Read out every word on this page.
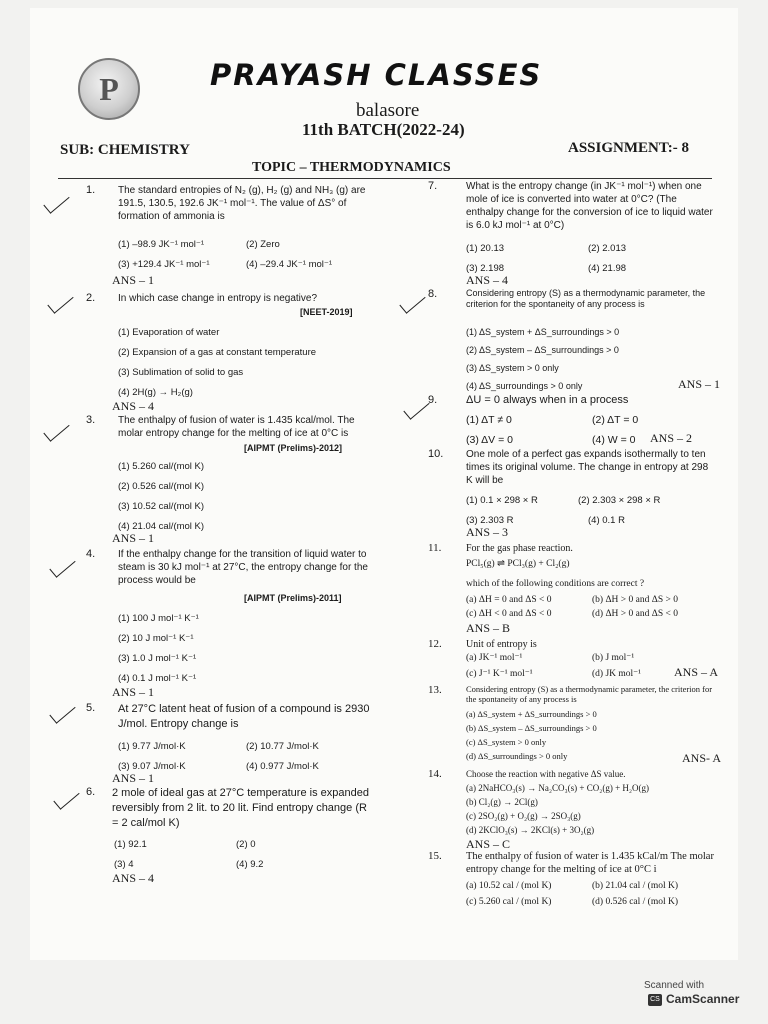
P	PRAYASH CLASSES
balasore
11th BATCH(2022-24)
SUB: CHEMISTRY	ASSIGNMENT:- 8
TOPIC – THERMODYNAMICS
1.	The standard entropies of N₂ (g), H₂ (g) and NH₃ (g) are 191.5, 130.5, 192.6 JK⁻¹ mol⁻¹. The value of ΔS° of formation of ammonia is
(1) –98.9 JK⁻¹ mol⁻¹	(2) Zero
(3) +129.4 JK⁻¹ mol⁻¹	(4) –29.4 JK⁻¹ mol⁻¹
ANS – 1
2.	In which case change in entropy is negative?
[NEET-2019]
(1) Evaporation of water
(2) Expansion of a gas at constant temperature
(3) Sublimation of solid to gas
(4) 2H(g) → H₂(g)
ANS – 4
3.	The enthalpy of fusion of water is 1.435 kcal/mol. The molar entropy change for the melting of ice at 0°C is
[AIPMT (Prelims)-2012]
(1) 5.260 cal/(mol K)
(2) 0.526 cal/(mol K)
(3) 10.52 cal/(mol K)
(4) 21.04 cal/(mol K)
ANS – 1
4.	If the enthalpy change for the transition of liquid water to steam is 30 kJ mol⁻¹ at 27°C, the entropy change for the process would be
[AIPMT (Prelims)-2011]
(1) 100 J mol⁻¹ K⁻¹
(2) 10 J mol⁻¹ K⁻¹
(3) 1.0 J mol⁻¹ K⁻¹
(4) 0.1 J mol⁻¹ K⁻¹
ANS – 1
5.	At 27°C latent heat of fusion of a compound is 2930 J/mol. Entropy change is
(1) 9.77 J/mol·K	(2) 10.77 J/mol·K
(3) 9.07 J/mol·K	(4) 0.977 J/mol·K
ANS – 1
6.	2 mole of ideal gas at 27°C temperature is expanded reversibly from 2 lit. to 20 lit. Find entropy change (R = 2 cal/mol K)
(1) 92.1	(2) 0
(3) 4	(4) 9.2
ANS – 4
7.	What is the entropy change (in JK⁻¹ mol⁻¹) when one mole of ice is converted into water at 0°C? (The enthalpy change for the conversion of ice to liquid water is 6.0 kJ mol⁻¹ at 0°C)
(1) 20.13	(2) 2.013
(3) 2.198	(4) 21.98
ANS – 4
8.	Considering entropy (S) as a thermodynamic parameter, the criterion for the spontaneity of any process is
(1) ΔS_system + ΔS_surroundings > 0
(2) ΔS_system – ΔS_surroundings > 0
(3) ΔS_system > 0 only
(4) ΔS_surroundings > 0 only	ANS – 1
9.	ΔU = 0 always when in a process
(1) ΔT ≠ 0	(2) ΔT = 0
(3) ΔV = 0	(4) W = 0 ANS – 2
10.	One mole of a perfect gas expands isothermally to ten times its original volume. The change in entropy at 298 K will be
(1) 0.1 × 298 × R	(2) 2.303 × 298 × R
(3) 2.303 R	(4) 0.1 R
ANS – 3
11.	For the gas phase reaction.
PCl₅(g) ⇌ PCl₃(g) + Cl₂(g)
which of the following conditions are correct ?
(a) ΔH = 0 and ΔS < 0	(b) ΔH > 0 and ΔS > 0
(c) ΔH < 0 and ΔS < 0	(d) ΔH > 0 and ΔS < 0
ANS – B
12.	Unit of entropy is
(a) JK⁻¹ mol⁻¹	(b) J mol⁻¹
(c) J⁻¹ K⁻¹ mol⁻¹	(d) JK mol⁻¹	ANS – A
13.	Considering entropy (S) as a thermodynamic parameter, the criterion for the spontaneity of any process is
(a) ΔS_system + ΔS_surroundings > 0
(b) ΔS_system – ΔS_surroundings > 0
(c) ΔS_system > 0 only
(d) ΔS_surroundings > 0 only	ANS- A
14.	Choose the reaction with negative ΔS value.
(a) 2NaHCO₃(s) → Na₂CO₃(s) + CO₂(g) + H₂O(g)
(b) Cl₂(g) → 2Cl(g)
(c) 2SO₂(g) + O₂(g) → 2SO₃(g)
(d) 2KClO₃(s) → 2KCl(s) + 3O₂(g)
ANS – C
15.	The enthalpy of fusion of water is 1.435 kCal/m The molar entropy change for the melting of ice at 0°C i
(a) 10.52 cal / (mol K)	(b) 21.04 cal / (mol K)
(c) 5.260 cal / (mol K)	(d) 0.526 cal / (mol K)
Scanned with
CS CamScanner
